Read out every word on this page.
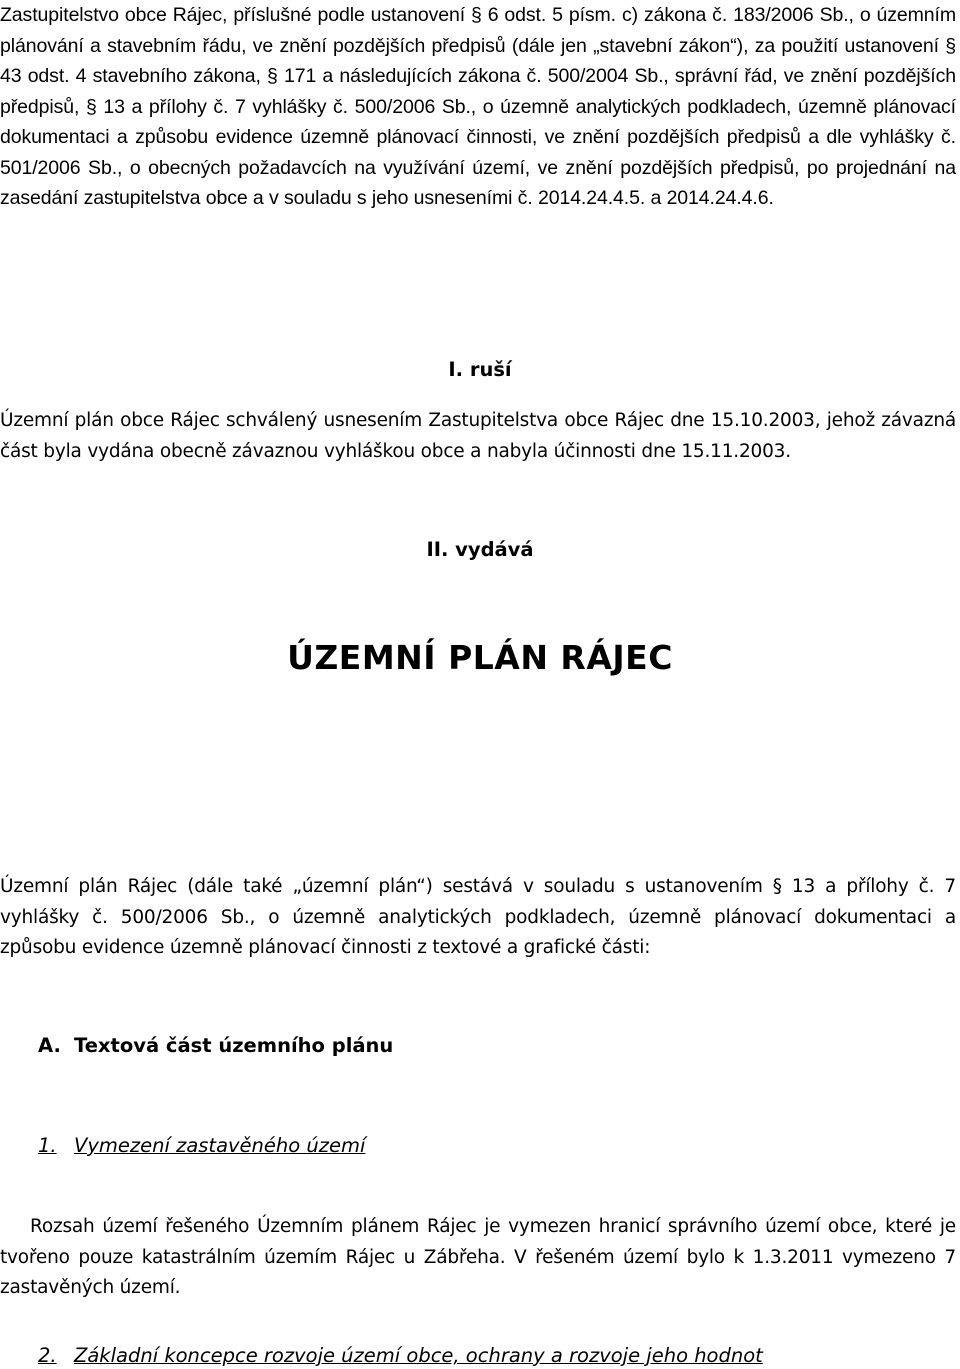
Zastupitelstvo obce Rájec, příslušné podle ustanovení § 6 odst. 5 písm. c) zákona č. 183/2006 Sb., o územním plánování a stavebním řádu, ve znění pozdějších předpisů (dále jen „stavební zákon“), za použití ustanovení § 43 odst. 4 stavebního zákona, § 171 a následujících zákona č. 500/2004 Sb., správní řád, ve znění pozdějších předpisů, § 13 a přílohy č. 7 vyhlášky č. 500/2006 Sb., o územně analytických podkladech, územně plánovací dokumentaci a způsobu evidence územně plánovací činnosti, ve znění pozdějších předpisů a dle vyhlášky č. 501/2006 Sb., o obecných požadavcích na využívání území, ve znění pozdějších předpisů, po projednání na zasedání zastupitelstva obce a v souladu s jeho usneseními č. 2014.24.4.5. a 2014.24.4.6.

I. ruší

Územní plán obce Rájec schválený usnesením Zastupitelstva obce Rájec dne 15.10.2003, jehož závazná část byla vydána obecně závaznou vyhláškou obce a nabyla účinnosti dne 15.11.2003.

II. vydává
ÚZEMNÍ PLÁN RÁJEC

Územní plán Rájec (dále také „územní plán“) sestává v souladu s ustanovením § 13 a přílohy č. 7 vyhlášky č. 500/2006 Sb., o územně analytických podkladech, územně plánovací dokumentaci a způsobu evidence územně plánovací činnosti z textové a grafické části:

A. Textová část územního plánu
1. Vymezení zastavěného území

Rozsah území řešeného Územním plánem Rájec je vymezen hranicí správního území obce, které je tvořeno pouze katastrálním územím Rájec u Zábřeha. V řešeném území bylo k 1.3.2011 vymezeno 7 zastavěných území.

2. Základní koncepce rozvoje území obce, ochrany a rozvoje jeho hodnot
